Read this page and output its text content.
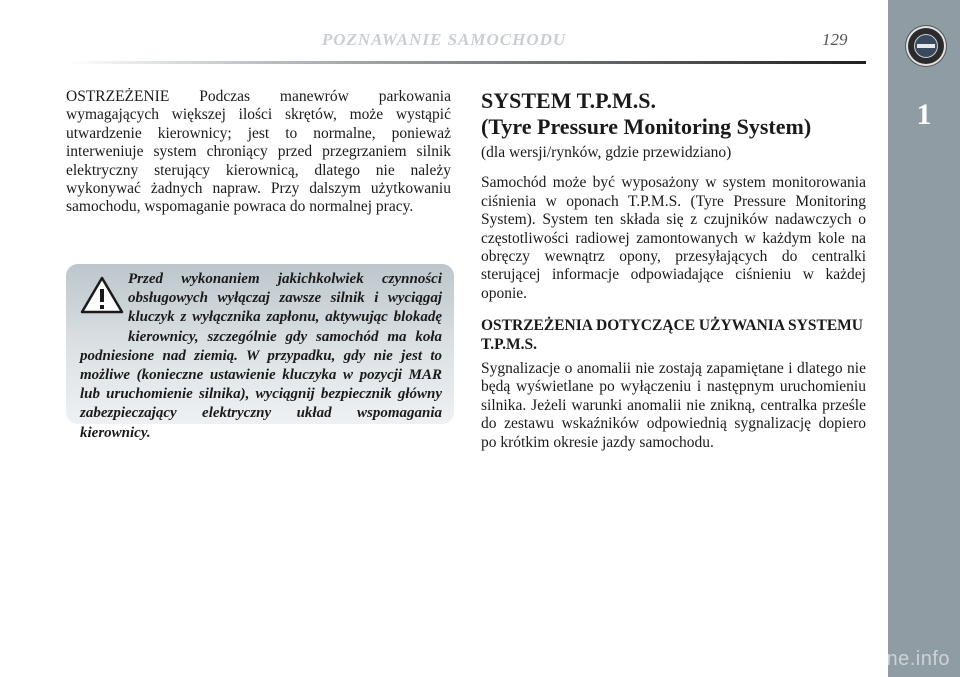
POZNAWANIE SAMOCHODU	129
1

OSTRZEŻENIE Podczas manewrów parkowania wymagających większej ilości skrętów, może wystąpić utwardzenie kierownicy; jest to normalne, ponieważ interweniuje system chroniący przed przegrzaniem silnik elektryczny sterujący kierownicą, dlatego nie należy wykonywać żadnych napraw. Przy dalszym użytkowaniu samochodu, wspomaganie powraca do normalnej pracy.

Przed wykonaniem jakichkolwiek czynności obsługowych wyłączaj zawsze silnik i wyciągaj kluczyk z wyłącznika zapłonu, aktywując blokadę kierownicy, szczególnie gdy samochód ma koła podniesione nad ziemią. W przypadku, gdy nie jest to możliwe (konieczne ustawienie kluczyka w pozycji MAR lub uruchomienie silnika), wyciągnij bezpiecznik główny zabezpieczający elektryczny układ wspomagania kierownicy.
SYSTEM T.P.M.S.
(Tyre Pressure Monitoring System)

(dla wersji/rynków, gdzie przewidziano)

Samochód może być wyposażony w system monitorowania ciśnienia w oponach T.P.M.S. (Tyre Pressure Monitoring System). System ten składa się z czujników nadawczych o częstotliwości radiowej zamontowanych w każdym kole na obręczy wewnątrz opony, przesyłających do centralki sterującej informacje odpowiadające ciśnieniu w każdej oponie.

OSTRZEŻENIA DOTYCZĄCE UŻYWANIA SYSTEMU T.P.M.S.

Sygnalizacje o anomalii nie zostają zapamiętane i dlatego nie będą wyświetlane po wyłączeniu i następnym uruchomieniu silnika. Jeżeli warunki anomalii nie znikną, centralka prześle do zestawu wskaźników odpowiednią sygnalizację dopiero po krótkim okresie jazdy samochodu.

carmanualsonline.info
